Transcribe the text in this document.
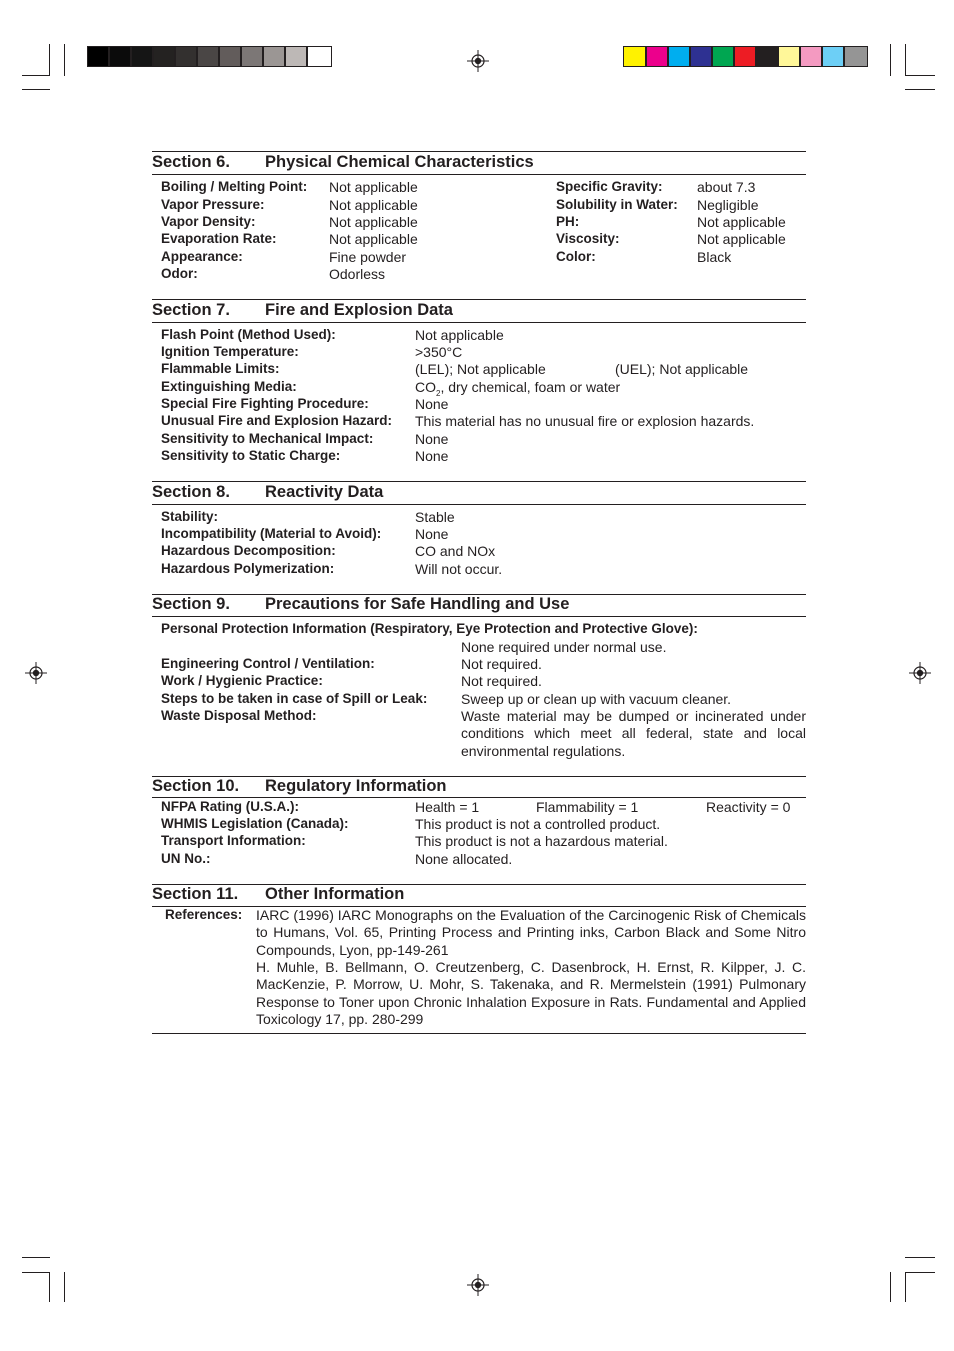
Section 6. Physical Chemical Characteristics
Boiling / Melting Point: Not applicable
Vapor Pressure:	Not applicable
Vapor Density:	Not applicable
Evaporation Rate:	Not applicable
Appearance:	Fine powder
Odor:	Odorless
Specific Gravity: about 7.3
Solubility in Water: Negligible
PH:	Not applicable
Viscosity:	Not applicable
Color:	Black
Section 7. Fire and Explosion Data
Flash Point (Method Used):	Not applicable
Ignition Temperature:	>350°C
Flammable Limits:	(LEL); Not applicable	(UEL); Not applicable
Extinguishing Media:	$CO_2$, dry chemical, foam or water
Special Fire Fighting Procedure:	None
Unusual Fire and Explosion Hazard: This material has no unusual fire or explosion hazards.
Sensitivity to Mechanical Impact:	None
Sensitivity to Static Charge:	None
Section 8. Reactivity Data
Stability:	Stable
Incompatibility (Material to Avoid): None
Hazardous Decomposition:	CO and NOx
Hazardous Polymerization:	Will not occur.
Section 9. Precautions for Safe Handling and Use
Personal Protection Information (Respiratory, Eye Protection and Protective Glove):
None required under normal use.
Engineering Control / Ventilation:	Not required.
Work / Hygienic Practice:	Not required.
Steps to be taken in case of Spill or Leak: Sweep up or clean up with vacuum cleaner.
Waste Disposal Method:	Waste material may be dumped or incinerated under conditions which meet all federal, state and local environmental regulations.
Section 10. Regulatory Information
NFPA Rating (U.S.A.):	Health = 1	Flammability = 1	Reactivity = 0
WHMIS Legislation (Canada):	This product is not a controlled product.
Transport Information:	This product is not a hazardous material.
UN No.:	None allocated.
Section 11. Other Information
References: IARC (1996) IARC Monographs on the Evaluation of the Carcinogenic Risk of Chemicals to Humans, Vol. 65, Printing Process and Printing inks, Carbon Black and Some Nitro Compounds, Lyon, pp-149-261
H. Muhle, B. Bellmann, O. Creutzenberg, C. Dasenbrock, H. Ernst, R. Kilpper, J. C. MacKenzie, P. Morrow, U. Mohr, S. Takenaka, and R. Mermelstein (1991) Pulmonary Response to Toner upon Chronic Inhalation Exposure in Rats. Fundamental and Applied Toxicology 17, pp. 280-299
